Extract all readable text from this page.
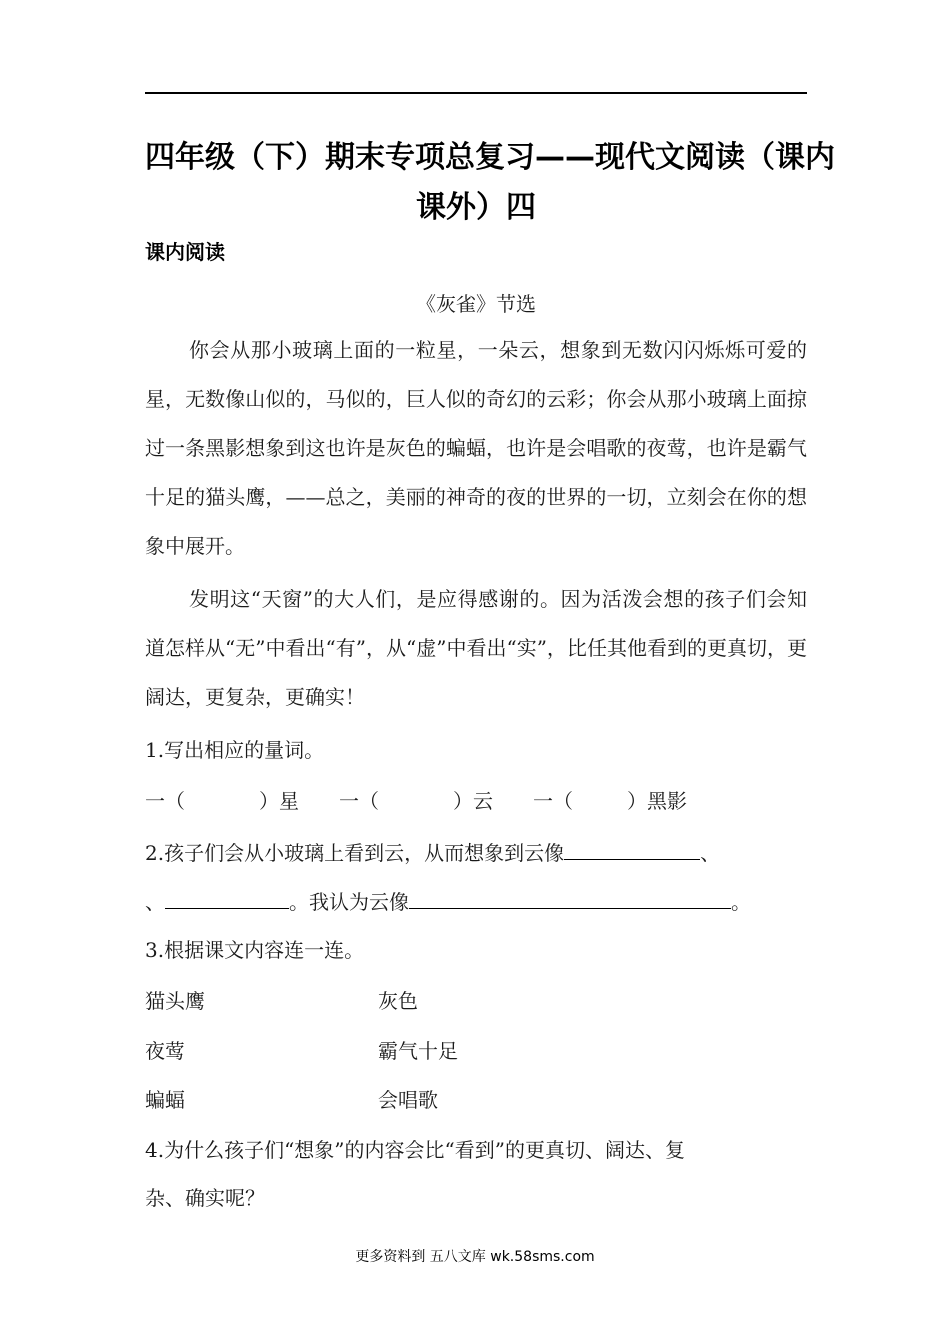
四年级（下）期末专项总复习——现代文阅读（课内
课外）四
课内阅读
《灰雀》节选

你会从那小玻璃上面的一粒星，一朵云，想象到无数闪闪烁烁可爱的星，无数像山似的，马似的，巨人似的奇幻的云彩；你会从那小玻璃上面掠过一条黑影想象到这也许是灰色的蝙蝠，也许是会唱歌的夜莺，也许是霸气十足的猫头鹰，——总之，美丽的神奇的夜的世界的一切，立刻会在你的想象中展开。

发明这“天窗”的大人们，是应得感谢的。因为活泼会想的孩子们会知道怎样从“无”中看出“有”，从“虚”中看出“实”，比任其他看到的更真切，更阔达，更复杂，更确实！

1.写出相应的量词。
一（	）星 一（	）云 一（	）黑影
2.孩子们会从小玻璃上看到云，从而想象到云像	、
、	。我认为云像	。
3.根据课文内容连一连。
猫头鹰	灰色
夜莺	霸气十足
蝙蝠	会唱歌
4.为什么孩子们“想象”的内容会比“看到”的更真切、阔达、复
杂、确实呢？
更多资料到 五八文库 wk.58sms.com
